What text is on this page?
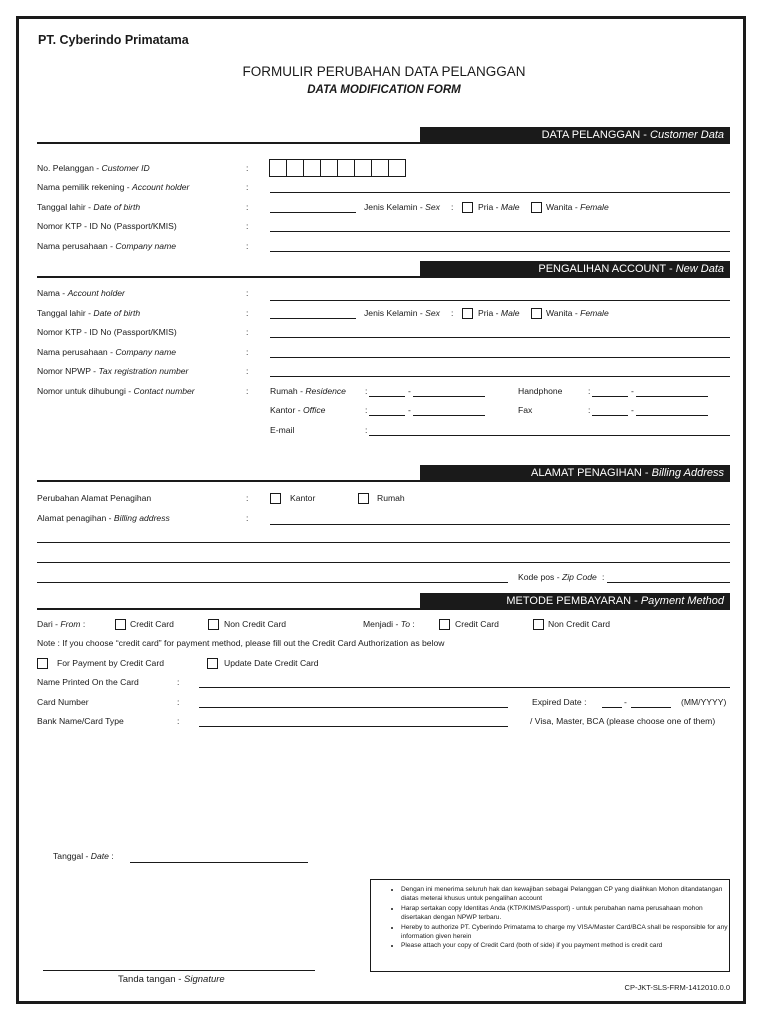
PT. Cyberindo Primatama
FORMULIR PERUBAHAN DATA PELANGGAN
DATA MODIFICATION FORM
DATA PELANGGAN - Customer Data
No. Pelanggan - Customer ID	:
Nama pemilik rekening - Account holder	:
Tanggal lahir - Date of birth	:	Jenis Kelamin - Sex :	Pria - Male	Wanita - Female
Nomor KTP - ID No (Passport/KMIS)	:
Nama perusahaan - Company name	:
PENGALIHAN ACCOUNT - New Data
Nama - Account holder	:
Tanggal lahir - Date of birth	:	Jenis Kelamin - Sex :	Pria - Male	Wanita - Female
Nomor KTP - ID No (Passport/KMIS)	:
Nama perusahaan - Company name	:
Nomor NPWP - Tax registration number	:
Nomor untuk dihubungi - Contact number	:	Rumah - Residence :	-	Handphone	:	-
Kantor - Office	:	-	Fax	:	-
E-mail	:
ALAMAT PENAGIHAN - Billing Address
Perubahan Alamat Penagihan	:	Kantor	Rumah
Alamat penagihan - Billing address	:
Kode pos - Zip Code :
METODE PEMBAYARAN - Payment Method
Dari - From :	Credit Card	Non Credit Card	Menjadi - To :	Credit Card	Non Credit Card
Note : If you choose “credit card” for payment method, please fill out the Credit Card Authorization as below
For Payment by Credit Card	Update Date Credit Card
Name Printed On the Card	:
Card Number	:	Expired Date :	-	(MM/YYYY)
Bank Name/Card Type	:	/ Visa, Master, BCA (please choose one of them)
Tanggal - Date :
Tanda tangan - Signature
• Dengan ini menerima seluruh hak dan kewajiban sebagai Pelanggan CP yang dialihkan Mohon ditandatangan diatas meterai khusus untuk pengalihan account
• Harap sertakan copy Identitas Anda (KTP/KIMS/Passport) - untuk perubahan nama perusahaan mohon disertakan dengan NPWP terbaru.
• Hereby to authorize PT. Cyberindo Primatama to charge my VISA/Master Card/BCA shall be responsible for any information given herein
• Please attach your copy of Credit Card (both of side) if you payment method is credit card
CP-JKT-SLS-FRM-1412010.0.0
